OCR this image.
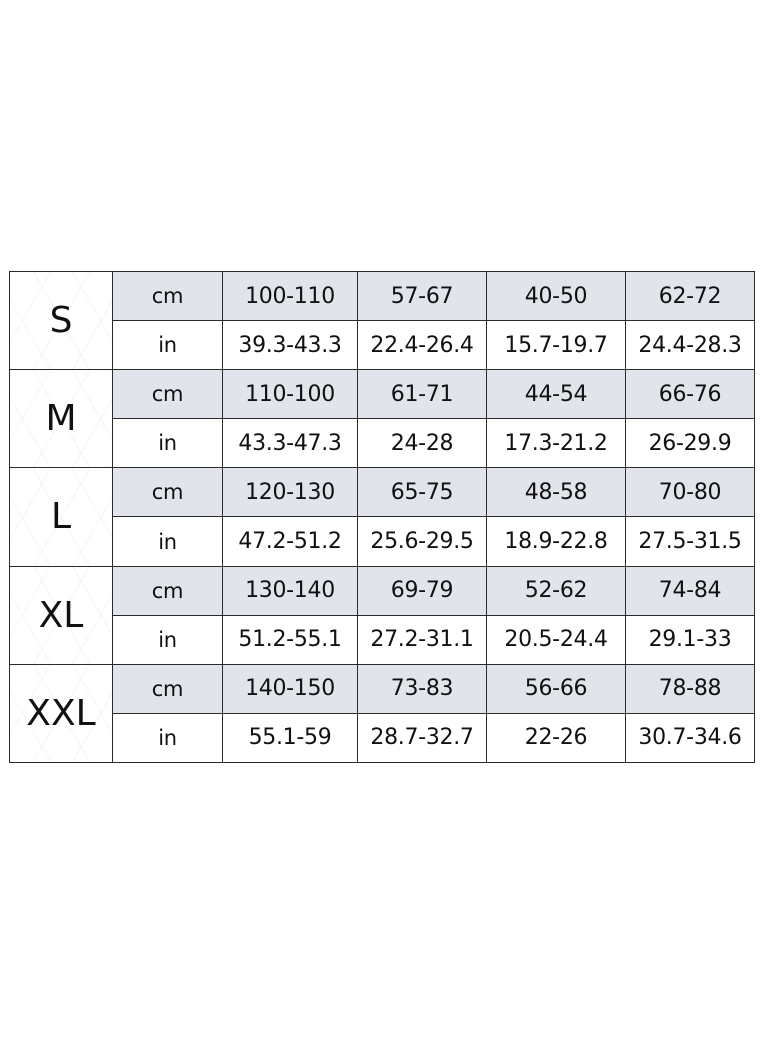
S	cm	100-110	57-67	40-50	62-72
	in	39.3-43.3	22.4-26.4	15.7-19.7	24.4-28.3
M	cm	110-100	61-71	44-54	66-76
	in	43.3-47.3	24-28	17.3-21.2	26-29.9
L	cm	120-130	65-75	48-58	70-80
	in	47.2-51.2	25.6-29.5	18.9-22.8	27.5-31.5
XL	cm	130-140	69-79	52-62	74-84
	in	51.2-55.1	27.2-31.1	20.5-24.4	29.1-33
XXL	cm	140-150	73-83	56-66	78-88
	in	55.1-59	28.7-32.7	22-26	30.7-34.6
